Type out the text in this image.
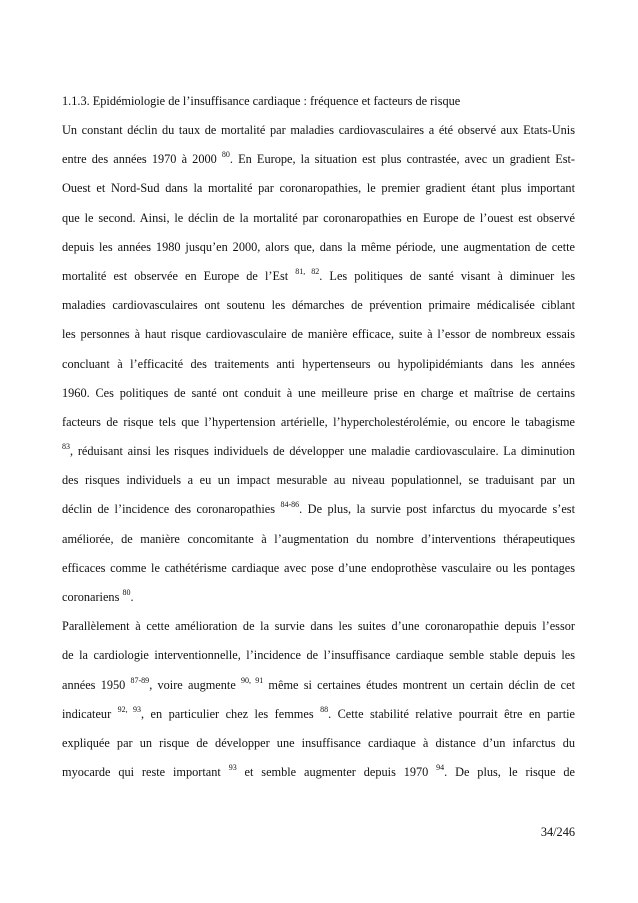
1.1.3. Epidémiologie de l’insuffisance cardiaque : fréquence et facteurs de risque
Un constant déclin du taux de mortalité par maladies cardiovasculaires a été observé aux Etats-Unis
entre des années 1970 à 2000 $^{80}$. En Europe, la situation est plus contrastée, avec un gradient Est-
Ouest et Nord-Sud dans la mortalité par coronaropathies, le premier gradient étant plus important
que le second. Ainsi, le déclin de la mortalité par coronaropathies en Europe de l’ouest est observé
depuis les années 1980 jusqu’en 2000, alors que, dans la même période, une augmentation de cette
mortalité est observée en Europe de l’Est $^{81, 82}$. Les politiques de santé visant à diminuer les
maladies cardiovasculaires ont soutenu les démarches de prévention primaire médicalisée ciblant
les personnes à haut risque cardiovasculaire de manière efficace, suite à l’essor de nombreux essais
concluant à l’efficacité des traitements anti hypertenseurs ou hypolipidémiants dans les années
1960. Ces politiques de santé ont conduit à une meilleure prise en charge et maîtrise de certains
facteurs de risque tels que l’hypertension artérielle, l’hypercholestérolémie, ou encore le tabagisme
$^{83}$, réduisant ainsi les risques individuels de développer une maladie cardiovasculaire. La diminution
des risques individuels a eu un impact mesurable au niveau populationnel, se traduisant par un
déclin de l’incidence des coronaropathies $^{84-86}$. De plus, la survie post infarctus du myocarde s’est
améliorée, de manière concomitante à l’augmentation du nombre d’interventions thérapeutiques
efficaces comme le cathétérisme cardiaque avec pose d’une endoprothèse vasculaire ou les pontages
coronariens $^{80}$.
Parallèlement à cette amélioration de la survie dans les suites d’une coronaropathie depuis l’essor
de la cardiologie interventionnelle, l’incidence de l’insuffisance cardiaque semble stable depuis les
années 1950 $^{87-89}$, voire augmente $^{90, 91}$ même si certaines études montrent un certain déclin de cet
indicateur $^{92, 93}$, en particulier chez les femmes $^{88}$. Cette stabilité relative pourrait être en partie
expliquée par un risque de développer une insuffisance cardiaque à distance d’un infarctus du
myocarde qui reste important $^{93}$ et semble augmenter depuis 1970 $^{94}$. De plus, le risque de
34/246
